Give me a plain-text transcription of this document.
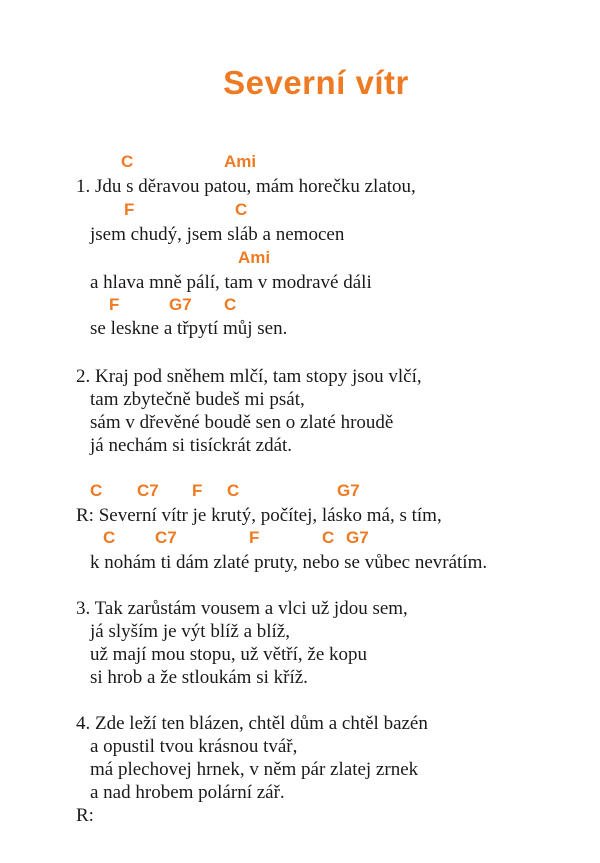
Severní vítr
C	Ami
1. Jdu s děravou patou, mám horečku zlatou,
F	C
jsem chudý, jsem sláb a nemocen
Ami
a hlava mně pálí, tam v modravé dáli
F	G7 C
se leskne a třpytí můj sen.
2. Kraj pod sněhem mlčí, tam stopy jsou vlčí,
tam zbytečně budeš mi psát,
sám v dřevěné boudě sen o zlaté hroudě
já nechám si tisíckrát zdát.
C C7 F C	G7
R: Severní vítr je krutý, počítej, lásko má, s tím,
C C7	F	C G7
k nohám ti dám zlaté pruty, nebo se vůbec nevrátím.
3. Tak zarůstám vousem a vlci už jdou sem,
já slyším je výt blíž a blíž,
už mají mou stopu, už větří, že kopu
si hrob a že stloukám si kříž.
4. Zde leží ten blázen, chtěl dům a chtěl bazén
a opustil tvou krásnou tvář,
má plechovej hrnek, v něm pár zlatej zrnek
a nad hrobem polární zář.
R:
